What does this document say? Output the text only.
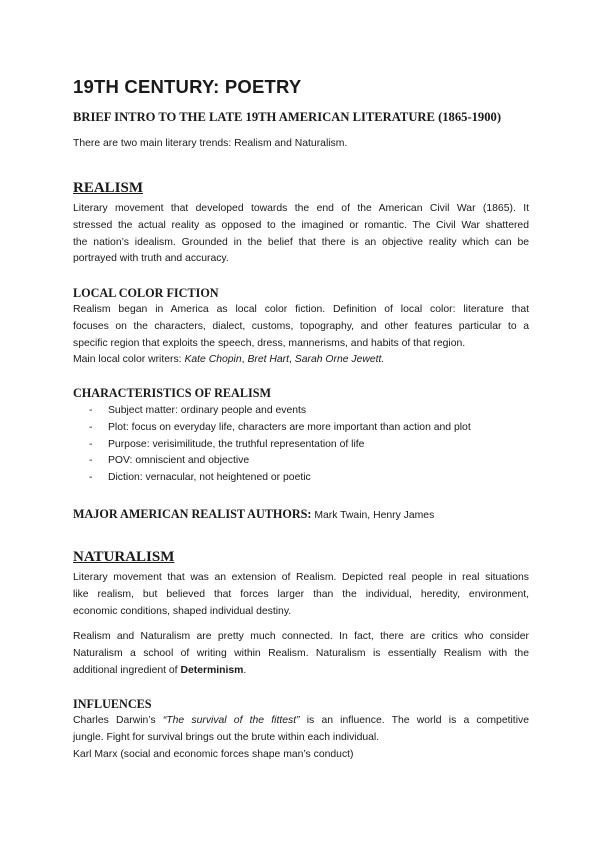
19TH CENTURY: POETRY

BRIEF INTRO TO THE LATE 19TH AMERICAN LITERATURE (1865-1900)

There are two main literary trends: Realism and Naturalism.
REALISM
Literary movement that developed towards the end of the American Civil War (1865). It
stressed the actual reality as opposed to the imagined or romantic. The Civil War shattered
the nation’s idealism. Grounded in the belief that there is an objective reality which can be
portrayed with truth and accuracy.
LOCAL COLOR FICTION
Realism began in America as local color fiction. Definition of local color: literature that
focuses on the characters, dialect, customs, topography, and other features particular to a
specific region that exploits the speech, dress, mannerisms, and habits of that region.
Main local color writers: Kate Chopin, Bret Hart, Sarah Orne Jewett.
CHARACTERISTICS OF REALISM
- Subject matter: ordinary people and events
- Plot: focus on everyday life, characters are more important than action and plot
- Purpose: verisimilitude, the truthful representation of life
- POV: omniscient and objective
- Diction: vernacular, not heightened or poetic
MAJOR AMERICAN REALIST AUTHORS: Mark Twain, Henry James
NATURALISM
Literary movement that was an extension of Realism. Depicted real people in real situations
like realism, but believed that forces larger than the individual, heredity, environment,
economic conditions, shaped individual destiny.
Realism and Naturalism are pretty much connected. In fact, there are critics who consider
Naturalism a school of writing within Realism. Naturalism is essentially Realism with the
additional ingredient of Determinism.
INFLUENCES
Charles Darwin’s “The survival of the fittest” is an influence. The world is a competitive
jungle. Fight for survival brings out the brute within each individual.
Karl Marx (social and economic forces shape man’s conduct)
